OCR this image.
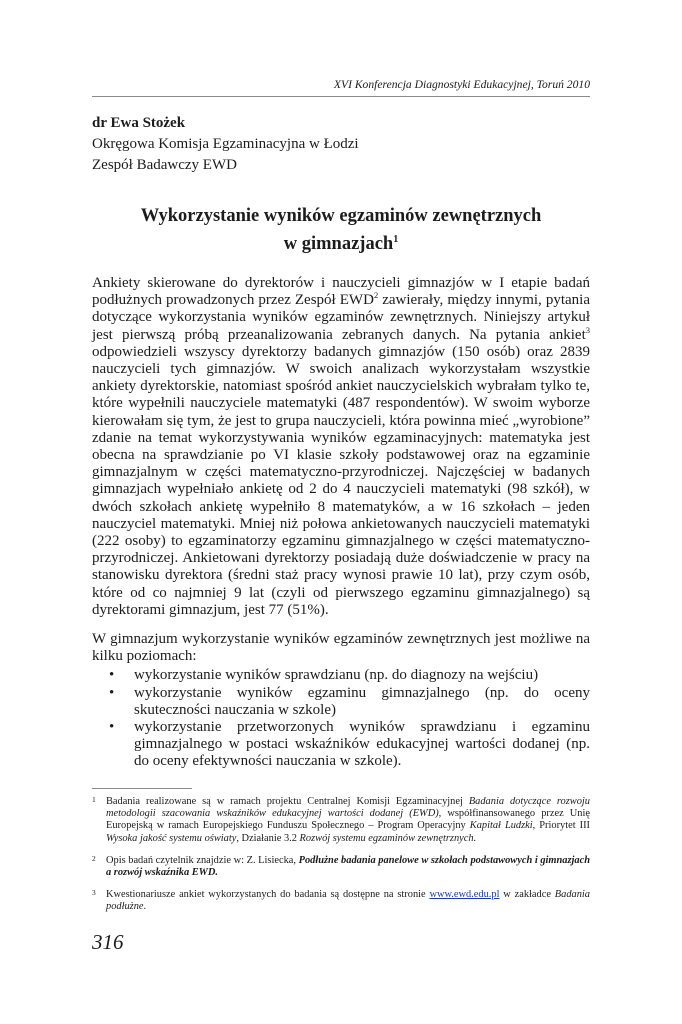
XVI Konferencja Diagnostyki Edukacyjnej, Toruń 2010
dr Ewa Stożek
Okręgowa Komisja Egzaminacyjna w Łodzi
Zespół Badawczy EWD
Wykorzystanie wyników egzaminów zewnętrznych
w gimnazjach$^1$

Ankiety skierowane do dyrektorów i nauczycieli gimnazjów w I etapie badań podłużnych prowadzonych przez Zespół EWD$^2$ zawierały, między innymi, pytania dotyczące wykorzystania wyników egzaminów zewnętrznych. Niniejszy artykuł jest pierwszą próbą przeanalizowania zebranych danych. Na pytania ankiet$^3$ odpowiedzieli wszyscy dyrektorzy badanych gimnazjów (150 osób) oraz 2839 nauczycieli tych gimnazjów. W swoich analizach wykorzystałam wszystkie ankiety dyrektorskie, natomiast spośród ankiet nauczycielskich wybrałam tylko te, które wypełnili nauczyciele matematyki (487 respondentów). W swoim wyborze kierowałam się tym, że jest to grupa nauczycieli, która powinna mieć „wyrobione” zdanie na temat wykorzystywania wyników egzaminacyjnych: matematyka jest obecna na sprawdzianie po VI klasie szkoły podstawowej oraz na egzaminie gimnazjalnym w części matematyczno-przyrodniczej. Najczęściej w badanych gimnazjach wypełniało ankietę od 2 do 4 nauczycieli matematyki (98 szkół), w dwóch szkołach ankietę wypełniło 8 matematyków, a w 16 szkołach – jeden nauczyciel matematyki. Mniej niż połowa ankietowanych nauczycieli matematyki (222 osoby) to egzaminatorzy egzaminu gimnazjalnego w części matematyczno-przyrodniczej. Ankietowani dyrektorzy posiadają duże doświadczenie w pracy na stanowisku dyrektora (średni staż pracy wynosi prawie 10 lat), przy czym osób, które od co najmniej 9 lat (czyli od pierwszego egzaminu gimnazjalnego) są dyrektorami gimnazjum, jest 77 (51%).

W gimnazjum wykorzystanie wyników egzaminów zewnętrznych jest możliwe na kilku poziomach:

• wykorzystanie wyników sprawdzianu (np. do diagnozy na wejściu)
• wykorzystanie wyników egzaminu gimnazjalnego (np. do oceny skuteczności nauczania w szkole)
• wykorzystanie przetworzonych wyników sprawdzianu i egzaminu gimnazjalnego w postaci wskaźników edukacyjnej wartości dodanej (np. do oceny efektywności nauczania w szkole).
1 Badania realizowane są w ramach projektu Centralnej Komisji Egzaminacyjnej Badania dotyczące rozwoju metodologii szacowania wskaźników edukacyjnej wartości dodanej (EWD), współfinansowanego przez Unię Europejską w ramach Europejskiego Funduszu Społecznego – Program Operacyjny Kapitał Ludzki, Priorytet III Wysoka jakość systemu oświaty, Działanie 3.2 Rozwój systemu egzaminów zewnętrznych.
2 Opis badań czytelnik znajdzie w: Z. Lisiecka, Podłużne badania panelowe w szkołach podstawowych i gimnazjach a rozwój wskaźnika EWD.
3 Kwestionariusze ankiet wykorzystanych do badania są dostępne na stronie www.ewd.edu.pl w zakładce Badania podłużne.
316
